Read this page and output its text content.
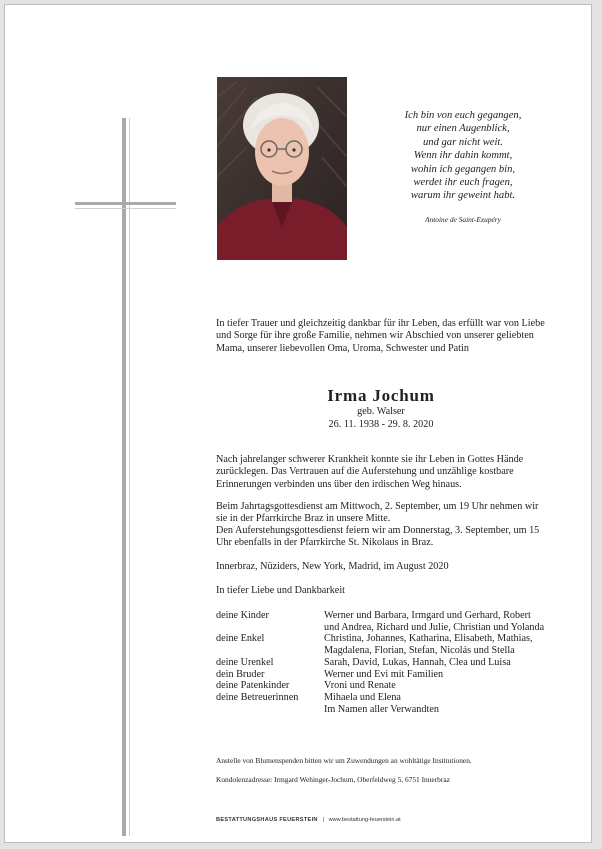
Ich bin von euch gegangen,
nur einen Augenblick,
und gar nicht weit.
Wenn ihr dahin kommt,
wohin ich gegangen bin,
werdet ihr euch fragen,
warum ihr geweint habt.
Antoine de Saint-Exupéry
In tiefer Trauer und gleichzeitig dankbar für ihr Leben, das erfüllt war von Liebe und Sorge für ihre große Familie, nehmen wir Abschied von unserer geliebten Mama, unserer liebevollen Oma, Uroma, Schwester und Patin
Irma Jochum
geb. Walser
26. 11. 1938 - 29. 8. 2020
Nach jahrelanger schwerer Krankheit konnte sie ihr Leben in Gottes Hände zurücklegen. Das Vertrauen auf die Auferstehung und unzählige kostbare Erinnerungen verbinden uns über den irdischen Weg hinaus.
Beim Jahrtagsgottesdienst am Mittwoch, 2. September, um 19 Uhr nehmen wir sie in der Pfarrkirche Braz in unsere Mitte.
Den Auferstehungsgottesdienst feiern wir am Donnerstag, 3. September, um 15 Uhr ebenfalls in der Pfarrkirche St. Nikolaus in Braz.
Innerbraz, Nüziders, New York, Madrid, im August 2020
In tiefer Liebe und Dankbarkeit
deine Kinder	Werner und Barbara, Irmgard und Gerhard, Robert und Andrea, Richard und Julie, Christian und Yolanda
deine Enkel	Christina, Johannes, Katharina, Elisabeth, Mathias, Magdalena, Florian, Stefan, Nicolás und Stella
deine Urenkel	Sarah, David, Lukas, Hannah, Clea und Luisa
dein Bruder	Werner und Evi mit Familien
deine Patenkinder	Vroni und Renate
deine Betreuerinnen	Mihaela und Elena
Im Namen aller Verwandten
Anstelle von Blumenspenden bitten wir um Zuwendungen an wohltätige Institutionen.
Kondolenzadresse: Irmgard Wehinger-Jochum, Oberfeldweg 5, 6751 Innerbraz
BESTATTUNGSHAUS FEUERSTEIN | www.bestattung-feuerstein.at
